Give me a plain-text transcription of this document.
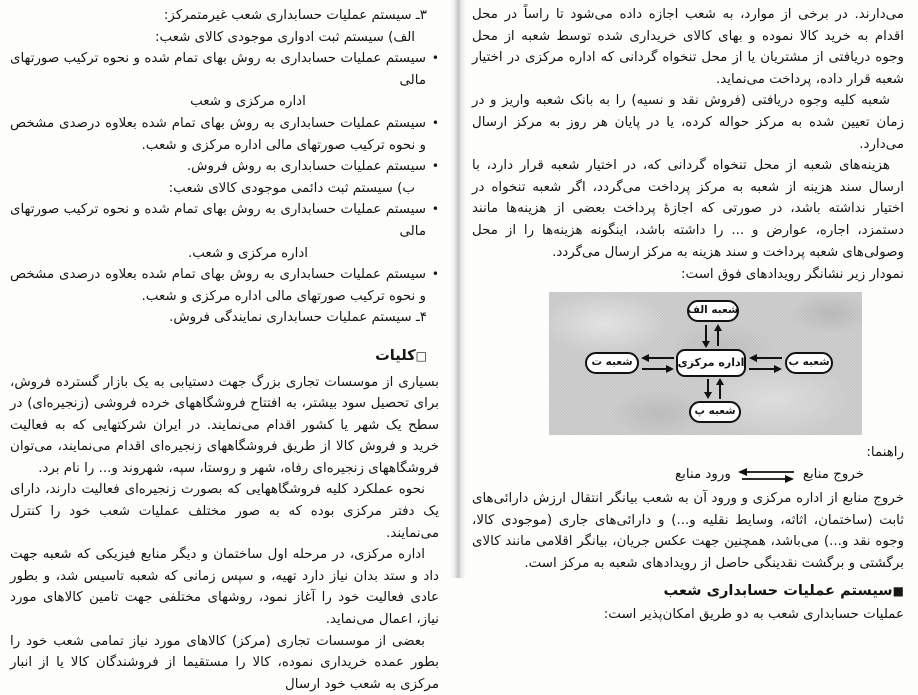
۳ـ سیستم عملیات حسابداری شعب غیرمتمرکز:
الف) سیستم ثبت ادواری موجودی کالای شعب:
•
سیستم عملیات حسابداری به روش بهای تمام شده و نحوه ترکیب صورتهای مالی
اداره مرکزی و شعب
•
سیستم عملیات حسابداری به روش بهای تمام شده بعلاوه درصدی مشخص و نحوه ترکیب صورتهای مالی اداره مرکزی و شعب.
•
سیستم عملیات حسابداری به روش فروش.
ب) سیستم ثبت دائمی موجودی کالای شعب:
•
سیستم عملیات حسابداری به روش بهای تمام شده و نحوه ترکیب صورتهای مالی
اداره مرکزی و شعب.
•
سیستم عملیات حسابداری به روش بهای تمام شده بعلاوه درصدی مشخص و نحوه ترکیب صورتهای مالی اداره مرکزی و شعب.
۴ـ سیستم عملیات حسابداری نمایندگی فروش.
□کلیات

بسیاری از موسسات تجاری بزرگ جهت دستیابی به یک بازار گسترده فروش، برای تحصیل سود بیشتر، به افتتاح فروشگاههای خرده فروشی (زنجیره‌ای) در سطح یک شهر یا کشور اقدام می‌نمایند. در ایران شرکتهایی که به فعالیت خرید و فروش کالا از طریق فروشگاههای زنجیره‌ای اقدام می‌نمایند، می‌توان فروشگاههای زنجیره‌ای رفاه، شهر و روستا، سپه، شهروند و... را نام برد.

نحوه عملکرد کلیه فروشگاههایی که بصورت زنجیره‌ای فعالیت دارند، دارای یک دفتر مرکزی بوده که به صور مختلف عملیات شعب خود را کنترل می‌نمایند.

اداره مرکزی، در مرحله اول ساختمان و دیگر منابع فیزیکی که شعبه جهت داد و ستد بدان نیاز دارد تهیه، و سپس زمانی که شعبه تاسیس شد، و بطور عادی فعالیت خود را آغاز نمود، روشهای مختلفی جهت تامین کالاهای مورد نیاز، اعمال می‌نماید.

بعضی از موسسات تجاری (مرکز) کالاهای مورد نیاز تمامی شعب خود را بطور عمده خریداری نموده، کالا را مستقیما از فروشندگان کالا یا از انبار مرکزی به شعب خود ارسال

می‌دارند. در برخی از موارد، به شعب اجازه داده می‌شود تا راساً در محل اقدام به خرید کالا نموده و بهای کالای خریداری شده توسط شعبه از محل وجوه دریافتی از مشتریان یا از محل تنخواه گردانی که اداره مرکزی در اختیار شعبه قرار داده، پرداخت می‌نماید.

شعبه کلیه وجوه دریافتی (فروش نقد و نسیه) را به بانک شعبه واریز و در زمان تعیین شده به مرکز حواله کرده، یا در پایان هر روز به مرکز ارسال می‌دارد.

هزینه‌های شعبه از محل تنخواه گردانی که، در اختیار شعبه قرار دارد، با ارسال سند هزینه از شعبه به مرکز پرداخت می‌گردد، اگر شعبه تنخواه در اختیار نداشته باشد، در صورتی که اجازهٔ پرداخت بعضی از هزینه‌ها مانند دستمزد، اجاره، عوارض و ... را داشته باشد، اینگونه هزینه‌ها را از محل وصولی‌های شعبه پرداخت و سند هزینه به مرکز ارسال می‌گردد.

نمودار زیر نشانگر رویدادهای فوق است:
شعبه الف
شعبه ب
شعبه ت
شعبه پ
اداره مرکزی
راهنما:
خروج منابع
ورود منابع

خروج منابع از اداره مرکزی و ورود آن به شعب بیانگر انتقال ارزش دارائی‌های ثابت (ساختمان، اثاثه، وسایط نقلیه و...) و دارائی‌های جاری (موجودی کالا، وجوه نقد و...) می‌باشد، همچنین جهت عکس جریان، بیانگر اقلامی مانند کالای برگشتی و برگشت نقدینگی حاصل از رویدادهای شعبه به مرکز است.

■سیستم عملیات حسابداری شعب
عملیات حسابداری شعب به دو طریق امکان‌پذیر است:
